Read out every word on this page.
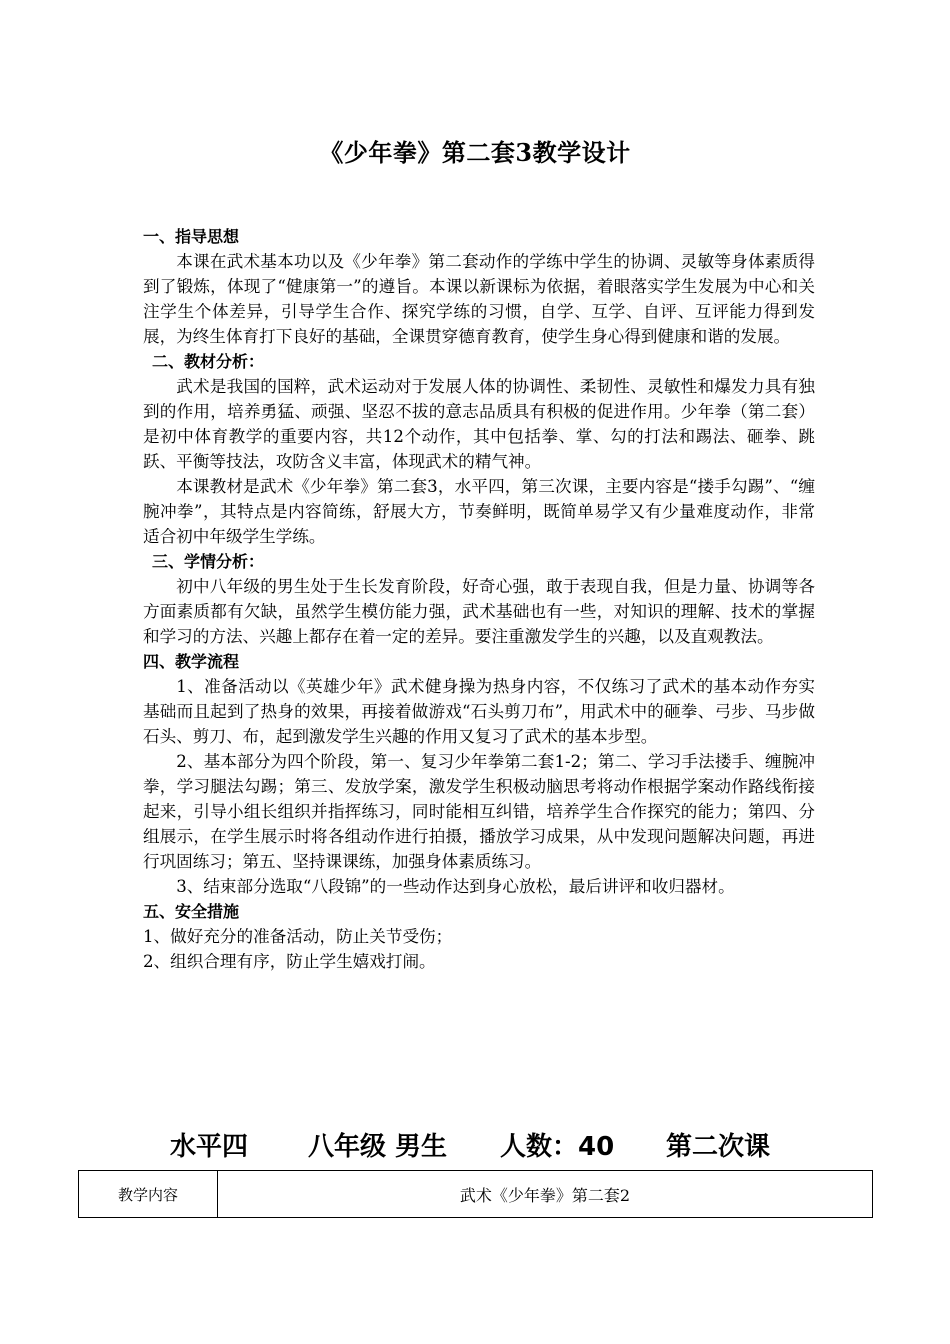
《少年拳》第二套3教学设计
一、指导思想

本课在武术基本功以及《少年拳》第二套动作的学练中学生的协调、灵敏等身体素质得到了锻炼，体现了“健康第一”的遵旨。本课以新课标为依据，着眼落实学生发展为中心和关注学生个体差异，引导学生合作、探究学练的习惯，自学、互学、自评、互评能力得到发展，为终生体育打下良好的基础，全课贯穿德育教育，使学生身心得到健康和谐的发展。

二、教材分析：

武术是我国的国粹，武术运动对于发展人体的协调性、柔韧性、灵敏性和爆发力具有独到的作用，培养勇猛、顽强、坚忍不拔的意志品质具有积极的促进作用。少年拳（第二套）是初中体育教学的重要内容，共12个动作，其中包括拳、掌、勾的打法和踢法、砸拳、跳跃、平衡等技法，攻防含义丰富，体现武术的精气神。

本课教材是武术《少年拳》第二套3，水平四，第三次课，主要内容是“搂手勾踢”、“缠腕冲拳”，其特点是内容简练，舒展大方，节奏鲜明，既简单易学又有少量难度动作，非常适合初中年级学生学练。

三、学情分析：

初中八年级的男生处于生长发育阶段，好奇心强，敢于表现自我，但是力量、协调等各方面素质都有欠缺，虽然学生模仿能力强，武术基础也有一些，对知识的理解、技术的掌握和学习的方法、兴趣上都存在着一定的差异。要注重激发学生的兴趣，以及直观教法。

四、教学流程

1、准备活动以《英雄少年》武术健身操为热身内容，不仅练习了武术的基本动作夯实基础而且起到了热身的效果，再接着做游戏“石头剪刀布”，用武术中的砸拳、弓步、马步做石头、剪刀、布，起到激发学生兴趣的作用又复习了武术的基本步型。

2、基本部分为四个阶段，第一、复习少年拳第二套1-2；第二、学习手法搂手、缠腕冲拳，学习腿法勾踢；第三、发放学案，激发学生积极动脑思考将动作根据学案动作路线衔接起来，引导小组长组织并指挥练习，同时能相互纠错，培养学生合作探究的能力；第四、分组展示，在学生展示时将各组动作进行拍摄，播放学习成果，从中发现问题解决问题，再进行巩固练习；第五、坚持课课练，加强身体素质练习。

3、结束部分选取“八段锦”的一些动作达到身心放松，最后讲评和收归器材。

五、安全措施

1、做好充分的准备活动，防止关节受伤；

2、组织合理有序，防止学生嬉戏打闹。

水平四 八年级 男生 人数：40 第二次课
教学内容	武术《少年拳》第二套2
